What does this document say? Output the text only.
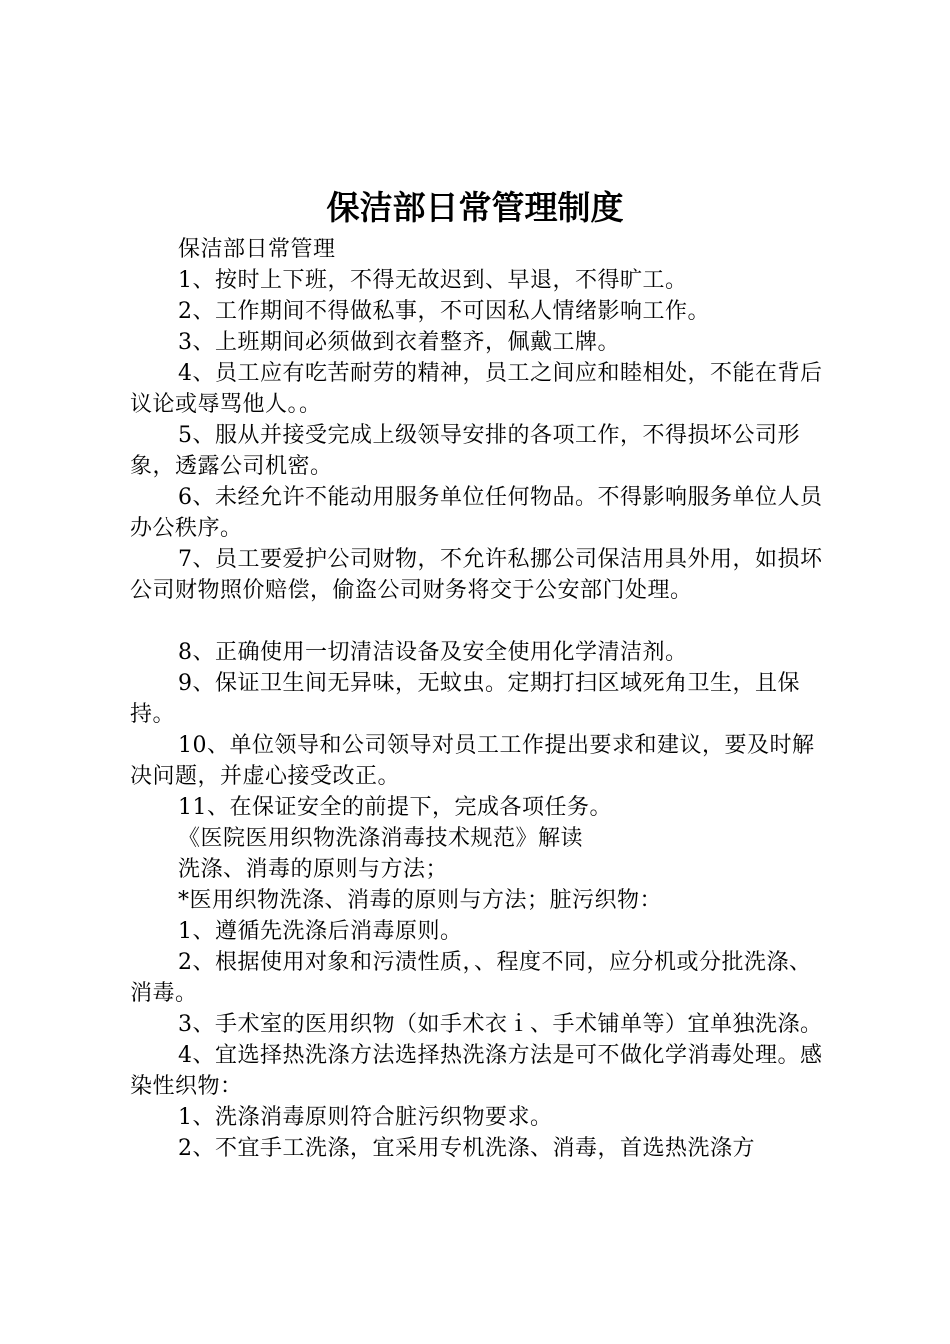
保洁部日常管理制度

保洁部日常管理

1、按时上下班，不得无故迟到、早退，不得旷工。

2、工作期间不得做私事，不可因私人情绪影响工作。

3、上班期间必须做到衣着整齐，佩戴工牌。

4、员工应有吃苦耐劳的精神，员工之间应和睦相处，不能在背后议论或辱骂他人。。

5、服从并接受完成上级领导安排的各项工作，不得损坏公司形象，透露公司机密。

6、未经允许不能动用服务单位任何物品。不得影响服务单位人员办公秩序。

7、员工要爱护公司财物，不允许私挪公司保洁用具外用，如损坏公司财物照价赔偿，偷盗公司财务将交于公安部门处理。

8、正确使用一切清洁设备及安全使用化学清洁剂。

9、保证卫生间无异味，无蚊虫。定期打扫区域死角卫生，且保持。

10、单位领导和公司领导对员工工作提出要求和建议，要及时解决问题，并虚心接受改正。

11、在保证安全的前提下，完成各项任务。

《医院医用织物洗涤消毒技术规范》解读

洗涤、消毒的原则与方法；

*医用织物洗涤、消毒的原则与方法；脏污织物：

1、遵循先洗涤后消毒原则。

2、根据使用对象和污渍性质，、程度不同，应分机或分批洗涤、消毒。

3、手术室的医用织物（如手术衣ｉ、手术铺单等）宜单独洗涤。

4、宜选择热洗涤方法选择热洗涤方法是可不做化学消毒处理。感染性织物：

1、洗涤消毒原则符合脏污织物要求。

2、不宜手工洗涤，宜采用专机洗涤、消毒，首选热洗涤方
